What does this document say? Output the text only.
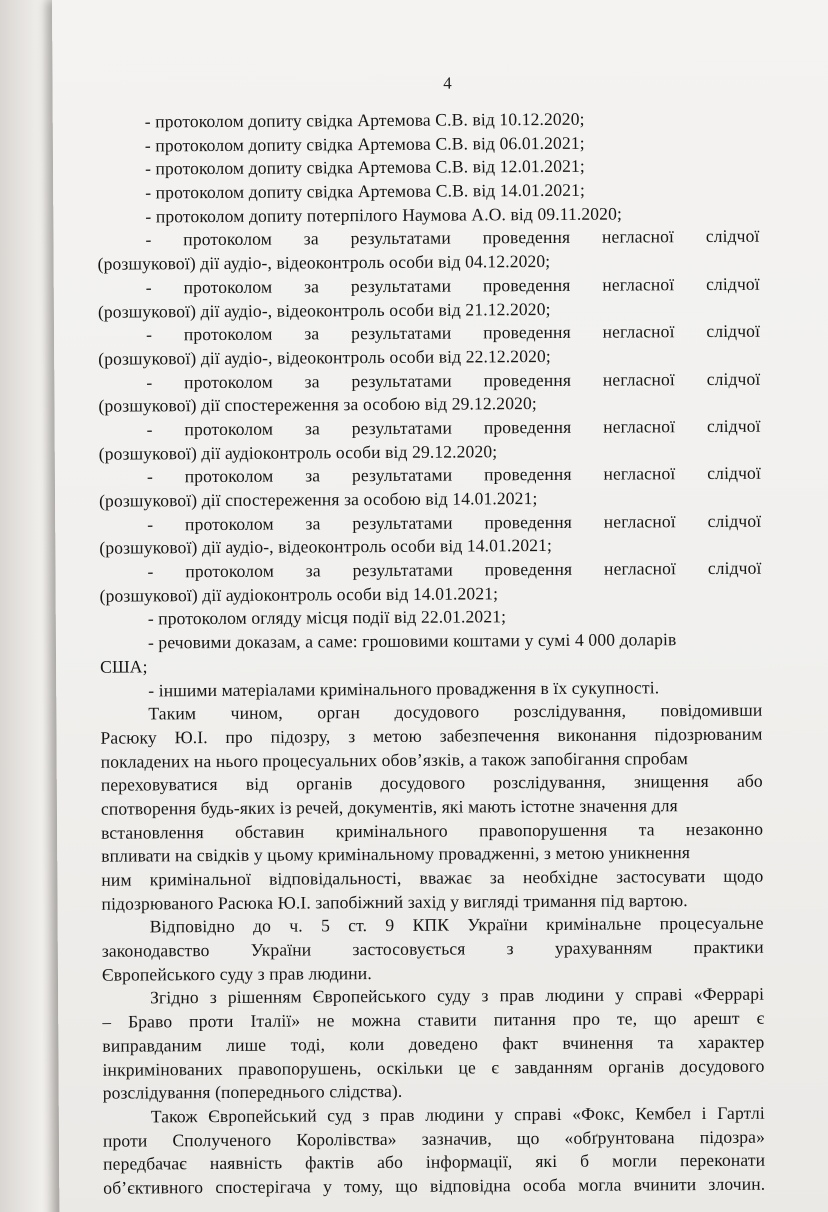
4
- протоколом допиту свідка Артемова С.В. від 10.12.2020;
- протоколом допиту свідка Артемова С.В. від 06.01.2021;
- протоколом допиту свідка Артемова С.В. від 12.01.2021;
- протоколом допиту свідка Артемова С.В. від 14.01.2021;
- протоколом допиту потерпілого Наумова А.О. від 09.11.2020;
- протоколом за результатами проведення негласної слідчої
(розшукової) дії аудіо-, відеоконтроль особи від 04.12.2020;
- протоколом за результатами проведення негласної слідчої
(розшукової) дії аудіо-, відеоконтроль особи від 21.12.2020;
- протоколом за результатами проведення негласної слідчої
(розшукової) дії аудіо-, відеоконтроль особи від 22.12.2020;
- протоколом за результатами проведення негласної слідчої
(розшукової) дії спостереження за особою від 29.12.2020;
- протоколом за результатами проведення негласної слідчої
(розшукової) дії аудіоконтроль особи від 29.12.2020;
- протоколом за результатами проведення негласної слідчої
(розшукової) дії спостереження за особою від 14.01.2021;
- протоколом за результатами проведення негласної слідчої
(розшукової) дії аудіо-, відеоконтроль особи від 14.01.2021;
- протоколом за результатами проведення негласної слідчої
(розшукової) дії аудіоконтроль особи від 14.01.2021;
- протоколом огляду місця події від 22.01.2021;
- речовими доказам, а саме: грошовими коштами у сумі 4 000 доларів
США;
- іншими матеріалами кримінального провадження в їх сукупності.
Таким чином, орган досудового розслідування, повідомивши
Расюку Ю.І. про підозру, з метою забезпечення виконання підозрюваним
покладених на нього процесуальних обов’язків, а також запобігання спробам
переховуватися від органів досудового розслідування, знищення або
спотворення будь-яких із речей, документів, які мають істотне значення для
встановлення обставин кримінального правопорушення та незаконно
впливати на свідків у цьому кримінальному провадженні, з метою уникнення
ним кримінальної відповідальності, вважає за необхідне застосувати щодо
підозрюваного Расюка Ю.І. запобіжний захід у вигляді тримання під вартою.
Відповідно до ч. 5 ст. 9 КПК України кримінальне процесуальне
законодавство України застосовується з урахуванням практики
Європейського суду з прав людини.
Згідно з рішенням Європейського суду з прав людини у справі «Феррарі
– Браво проти Італії» не можна ставити питання про те, що арешт є
виправданим лише тоді, коли доведено факт вчинення та характер
інкримінованих правопорушень, оскільки це є завданням органів досудового
розслідування (попереднього слідства).
Також Європейський суд з прав людини у справі «Фокс, Кембел і Гартлі
проти Сполученого Королівства» зазначив, що «обґрунтована підозра»
передбачає наявність фактів або інформації, які б могли переконати
об’єктивного спостерігача у тому, що відповідна особа могла вчинити злочин.
